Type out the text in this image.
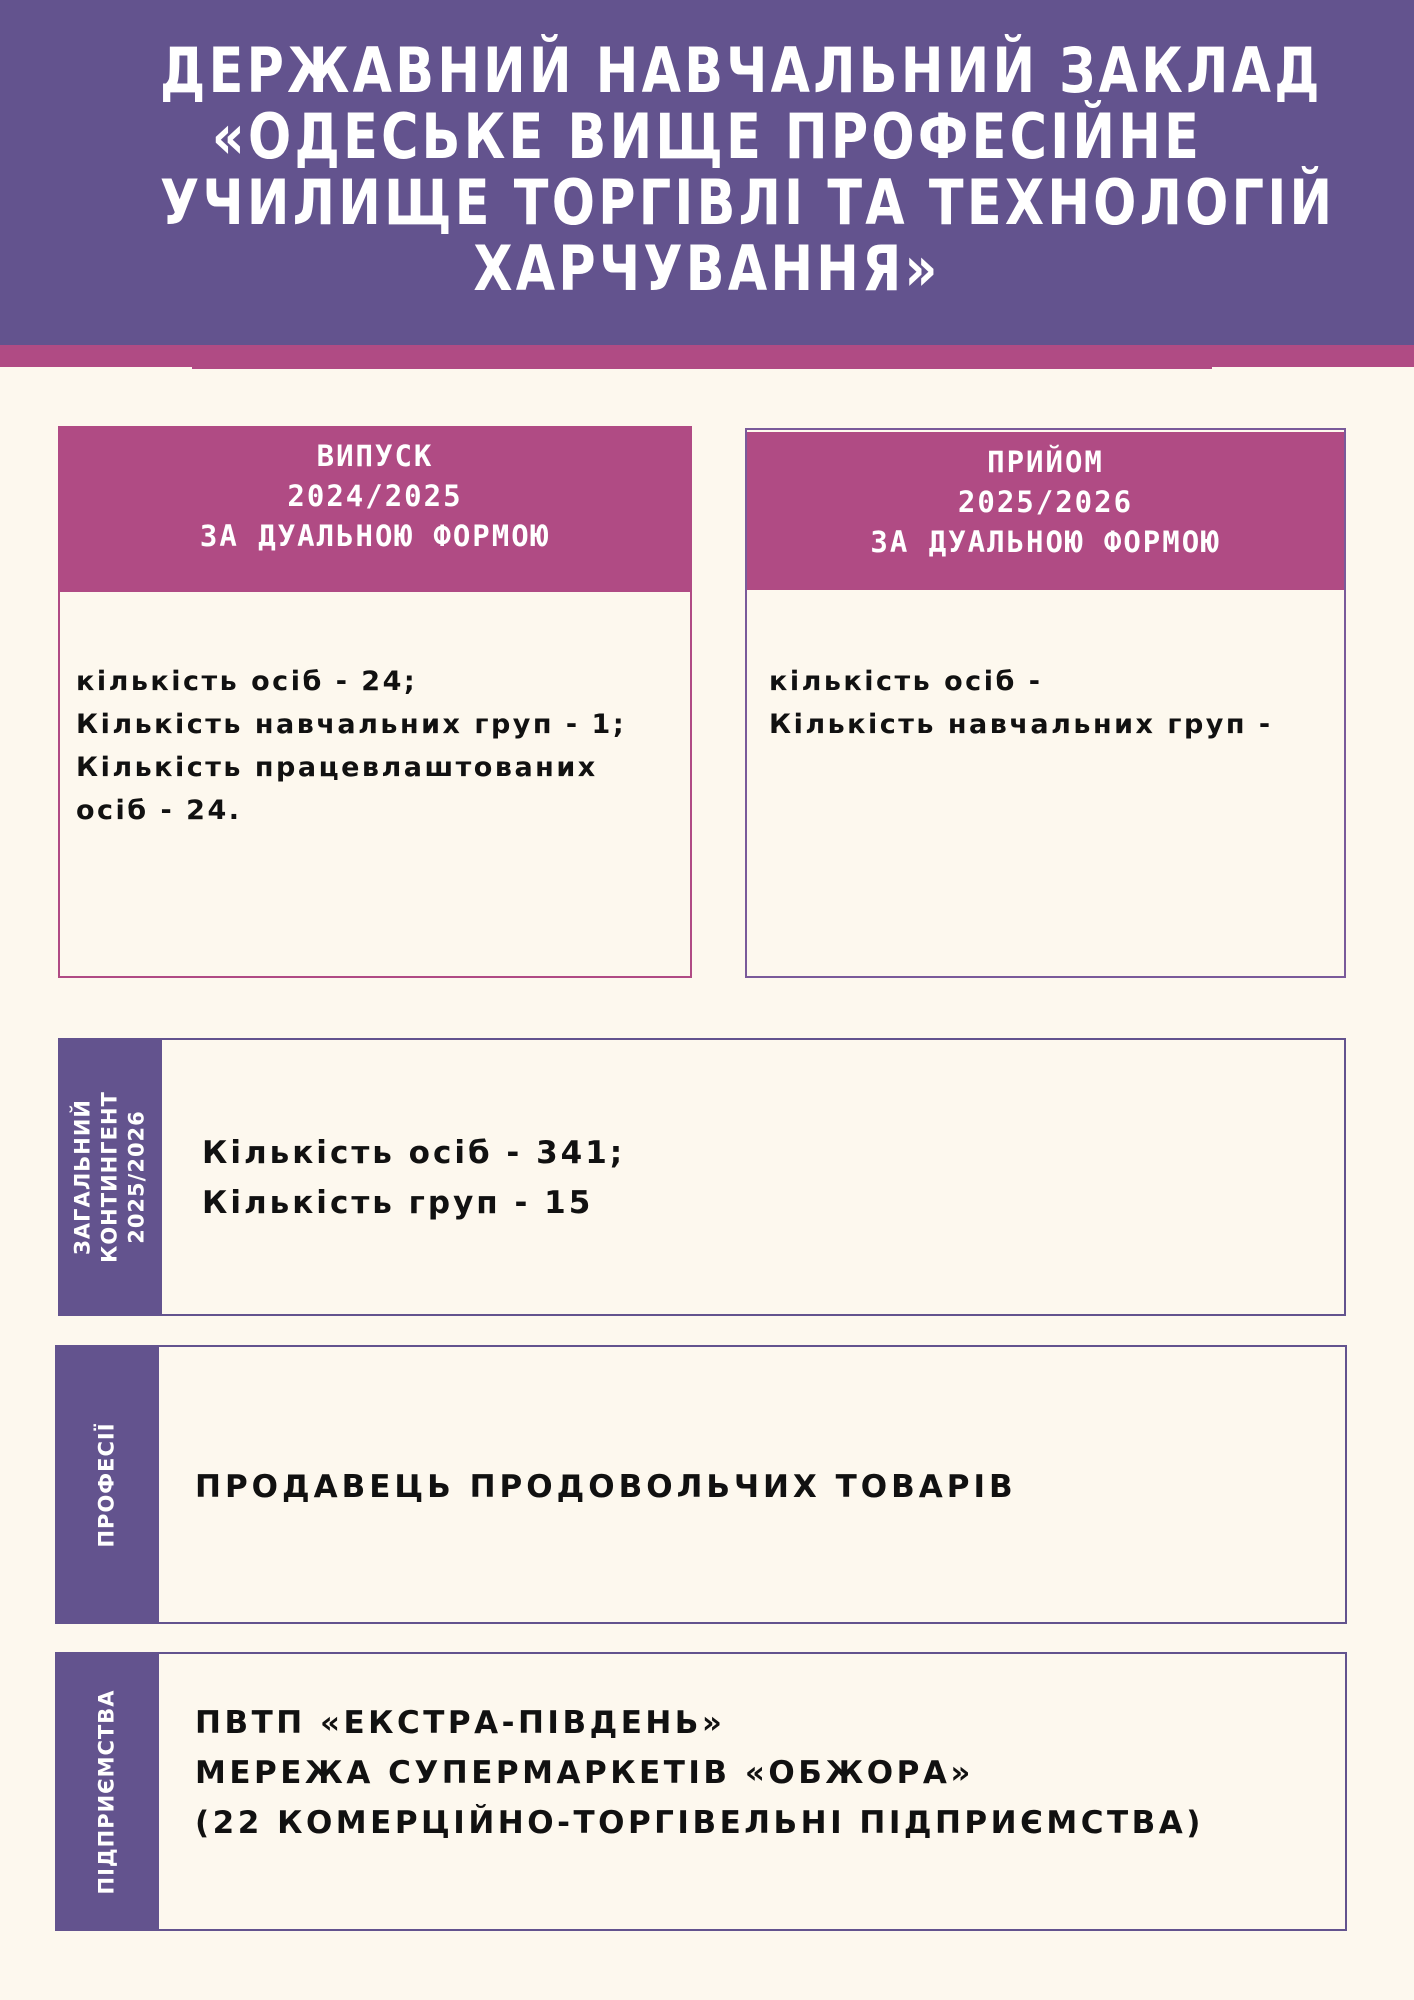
ДЕРЖАВНИЙ НАВЧАЛЬНИЙ ЗАКЛАД
«ОДЕСЬКЕ ВИЩЕ ПРОФЕСІЙНЕ
УЧИЛИЩЕ ТОРГІВЛІ ТА ТЕХНОЛОГІЙ
ХАРЧУВАННЯ»
ВИПУСК
2024/2025
ЗА ДУАЛЬНОЮ ФОРМОЮ
кількість осіб - 24;
Кількість навчальних груп - 1;
Кількість працевлаштованих
осіб - 24.
ПРИЙОМ
2025/2026
ЗА ДУАЛЬНОЮ ФОРМОЮ
кількість осіб -
Кількість навчальних груп -
ЗАГАЛЬНИЙ КОНТИНГЕНТ 2025/2026 Кількість осіб - 341;
Кількість груп - 15
ПРОФЕСІЇ ПРОДАВЕЦЬ ПРОДОВОЛЬЧИХ ТОВАРІВ
ПІДПРИЄМСТВА ПВТП «ЕКСТРА-ПІВДЕНЬ»
МЕРЕЖА СУПЕРМАРКЕТІВ «ОБЖОРА»
(22 КОМЕРЦІЙНО-ТОРГІВЕЛЬНІ ПІДПРИЄМСТВА)
